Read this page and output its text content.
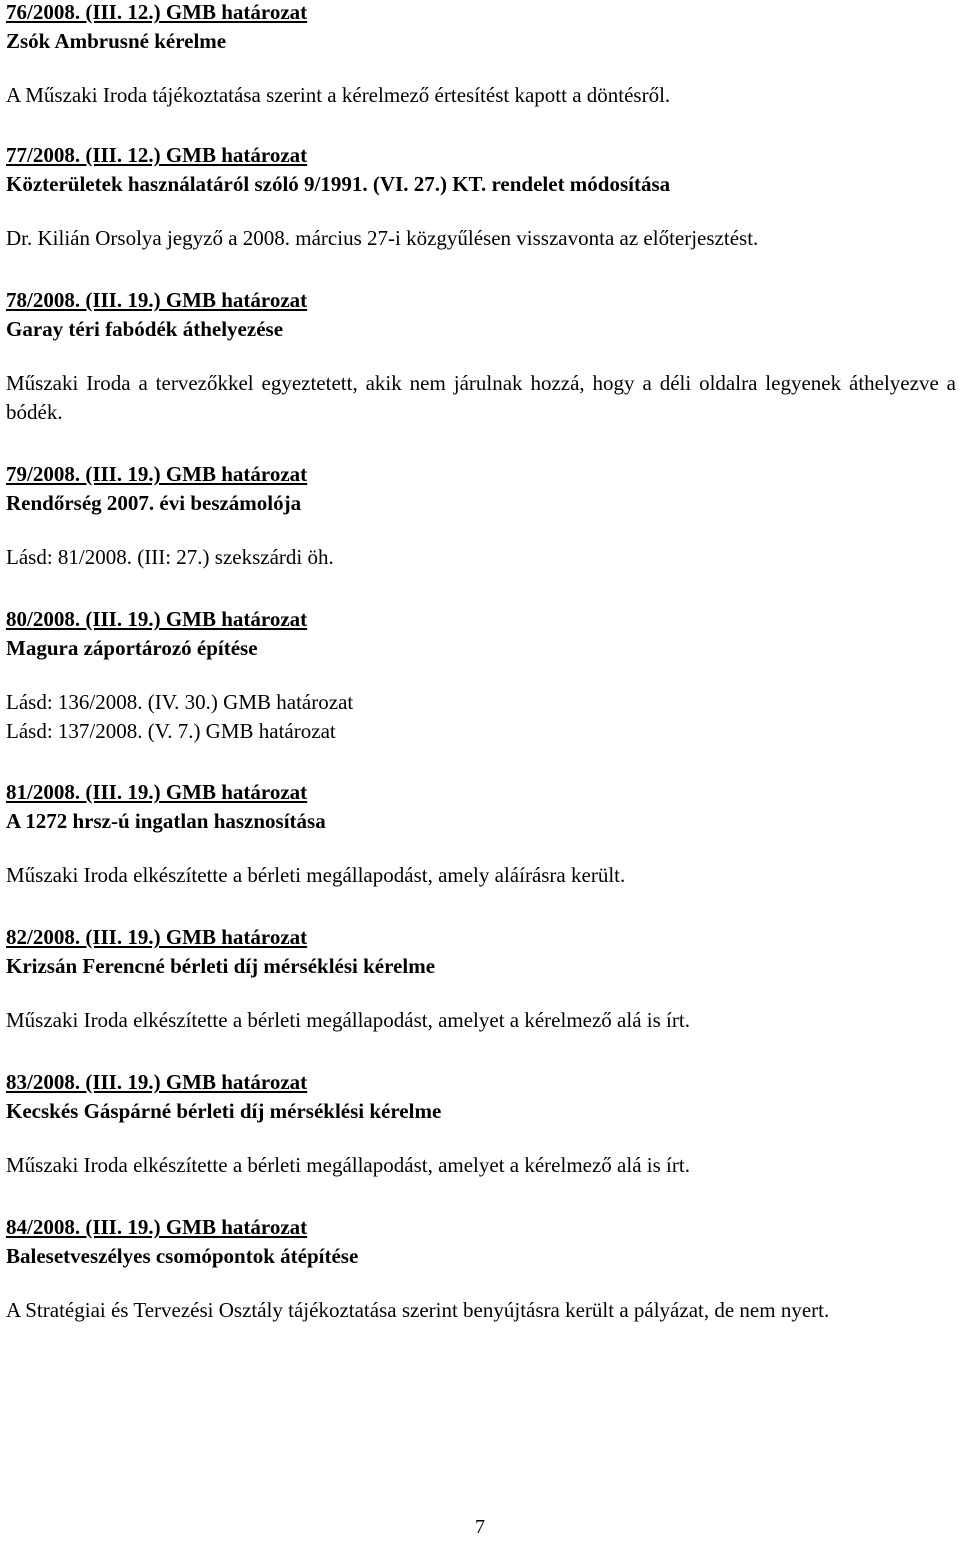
76/2008. (III. 12.) GMB határozat
Zsók Ambrusné kérelme
A Műszaki Iroda tájékoztatása szerint a kérelmező értesítést kapott a döntésről.
77/2008. (III. 12.) GMB határozat
Közterületek használatáról szóló 9/1991. (VI. 27.) KT. rendelet módosítása
Dr. Kilián Orsolya jegyző a 2008. március 27-i közgyűlésen visszavonta az előterjesztést.
78/2008. (III. 19.) GMB határozat
Garay téri fabódék áthelyezése
Műszaki Iroda a tervezőkkel egyeztetett, akik nem járulnak hozzá, hogy a déli oldalra legyenek áthelyezve a bódék.
79/2008. (III. 19.) GMB határozat
Rendőrség 2007. évi beszámolója
Lásd: 81/2008. (III: 27.) szekszárdi öh.
80/2008. (III. 19.) GMB határozat
Magura záportározó építése
Lásd: 136/2008. (IV. 30.) GMB határozat
Lásd: 137/2008. (V. 7.) GMB határozat
81/2008. (III. 19.) GMB határozat
A 1272 hrsz-ú ingatlan hasznosítása
Műszaki Iroda elkészítette a bérleti megállapodást, amely aláírásra került.
82/2008. (III. 19.) GMB határozat
Krizsán Ferencné bérleti díj mérséklési kérelme
Műszaki Iroda elkészítette a bérleti megállapodást, amelyet a kérelmező alá is írt.
83/2008. (III. 19.) GMB határozat
Kecskés Gáspárné bérleti díj mérséklési kérelme
Műszaki Iroda elkészítette a bérleti megállapodást, amelyet a kérelmező alá is írt.
84/2008. (III. 19.) GMB határozat
Balesetveszélyes csomópontok átépítése
A Stratégiai és Tervezési Osztály tájékoztatása szerint benyújtásra került a pályázat, de nem nyert.
7
